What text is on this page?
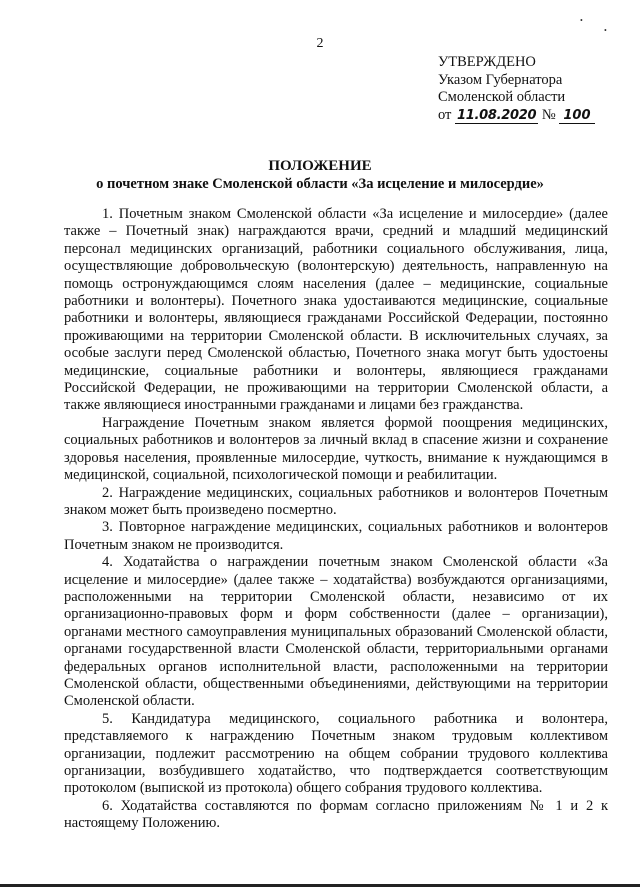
2
•
•
УТВЕРЖДЕНО
Указом Губернатора
Смоленской области
от 11.08.2020 № 100
ПОЛОЖЕНИЕ
о почетном знаке Смоленской области «За исцеление и милосердие»

1. Почетным знаком Смоленской области «За исцеление и милосердие» (далее также – Почетный знак) награждаются врачи, средний и младший медицинский персонал медицинских организаций, работники социального обслуживания, лица, осуществляющие добровольческую (волонтерскую) деятельность, направленную на помощь остронуждающимся слоям населения (далее – медицинские, социальные работники и волонтеры). Почетного знака удостаиваются медицинские, социальные работники и волонтеры, являющиеся гражданами Российской Федерации, постоянно проживающими на территории Смоленской области. В исключительных случаях, за особые заслуги перед Смоленской областью, Почетного знака могут быть удостоены медицинские, социальные работники и волонтеры, являющиеся гражданами Российской Федерации, не проживающими на территории Смоленской области, а также являющиеся иностранными гражданами и лицами без гражданства.

Награждение Почетным знаком является формой поощрения медицинских, социальных работников и волонтеров за личный вклад в спасение жизни и сохранение здоровья населения, проявленные милосердие, чуткость, внимание к нуждающимся в медицинской, социальной, психологической помощи и реабилитации.

2. Награждение медицинских, социальных работников и волонтеров Почетным знаком может быть произведено посмертно.

3. Повторное награждение медицинских, социальных работников и волонтеров Почетным знаком не производится.

4. Ходатайства о награждении почетным знаком Смоленской области «За исцеление и милосердие» (далее также – ходатайства) возбуждаются организациями, расположенными на территории Смоленской области, независимо от их организационно-правовых форм и форм собственности (далее – организации), органами местного самоуправления муниципальных образований Смоленской области, органами государственной власти Смоленской области, территориальными органами федеральных органов исполнительной власти, расположенными на территории Смоленской области, общественными объединениями, действующими на территории Смоленской области.

5. Кандидатура медицинского, социального работника и волонтера, представляемого к награждению Почетным знаком трудовым коллективом организации, подлежит рассмотрению на общем собрании трудового коллектива организации, возбудившего ходатайство, что подтверждается соответствующим протоколом (выпиской из протокола) общего собрания трудового коллектива.

6. Ходатайства составляются по формам согласно приложениям № 1 и 2 к настоящему Положению.
